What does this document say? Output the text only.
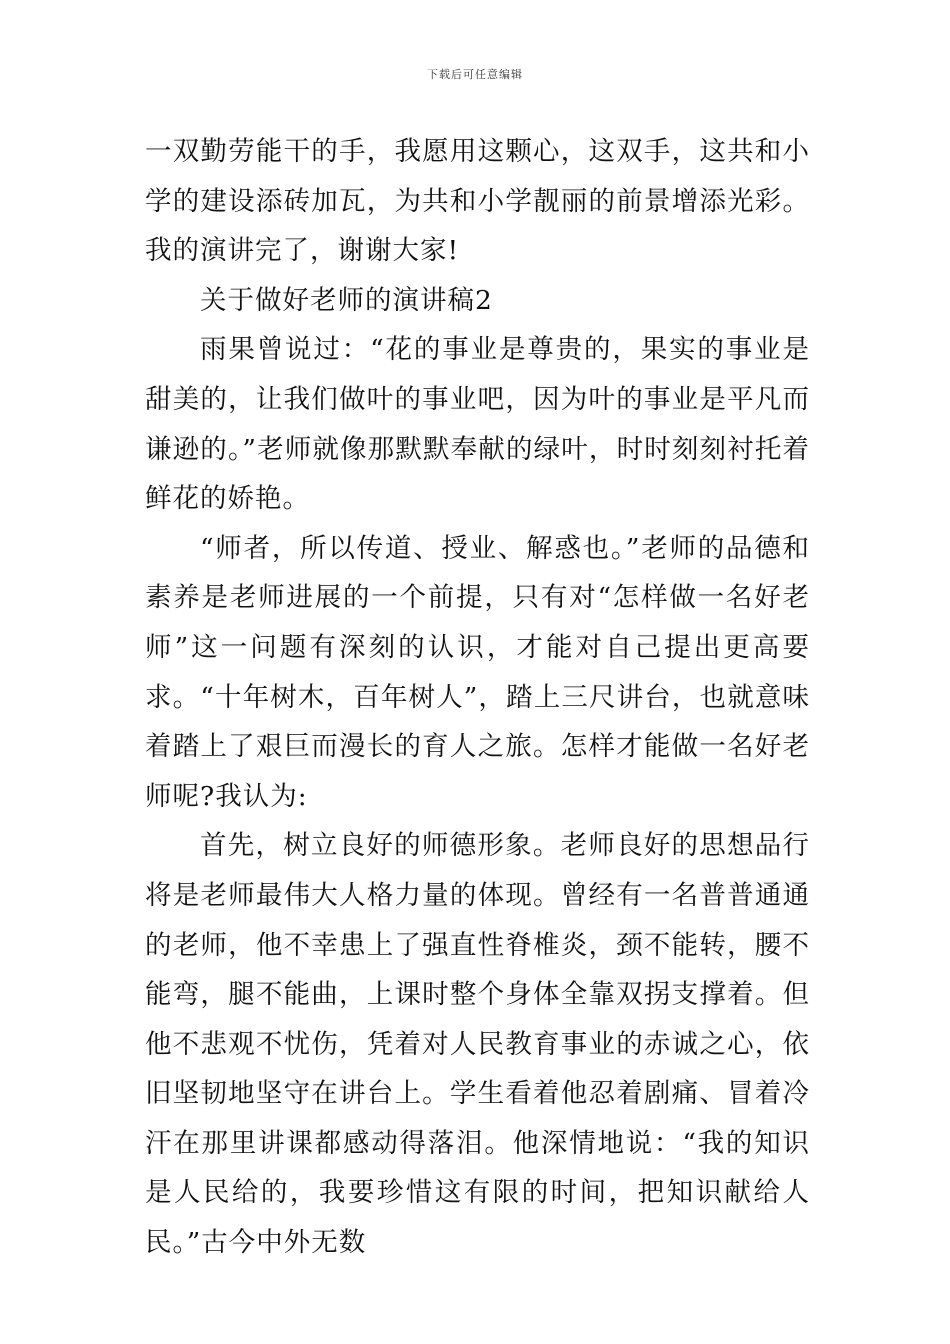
下载后可任意编辑

一双勤劳能干的手，我愿用这颗心，这双手，这共和小学的建设添砖加瓦，为共和小学靓丽的前景增添光彩。我的演讲完了，谢谢大家!

关于做好老师的演讲稿2

雨果曾说过：“花的事业是尊贵的，果实的事业是甜美的，让我们做叶的事业吧，因为叶的事业是平凡而谦逊的。”老师就像那默默奉献的绿叶，时时刻刻衬托着鲜花的娇艳。

“师者，所以传道、授业、解惑也。”老师的品德和素养是老师进展的一个前提，只有对“怎样做一名好老师”这一问题有深刻的认识，才能对自己提出更高要求。“十年树木，百年树人”，踏上三尺讲台，也就意味着踏上了艰巨而漫长的育人之旅。怎样才能做一名好老师呢?我认为:

首先，树立良好的师德形象。老师良好的思想品行将是老师最伟大人格力量的体现。曾经有一名普普通通的老师，他不幸患上了强直性脊椎炎，颈不能转，腰不能弯，腿不能曲，上课时整个身体全靠双拐支撑着。但他不悲观不忧伤，凭着对人民教育事业的赤诚之心，依旧坚韧地坚守在讲台上。学生看着他忍着剧痛、冒着冷汗在那里讲课都感动得落泪。他深情地说：“我的知识是人民给的，我要珍惜这有限的时间，把知识献给人民。”古今中外无数
